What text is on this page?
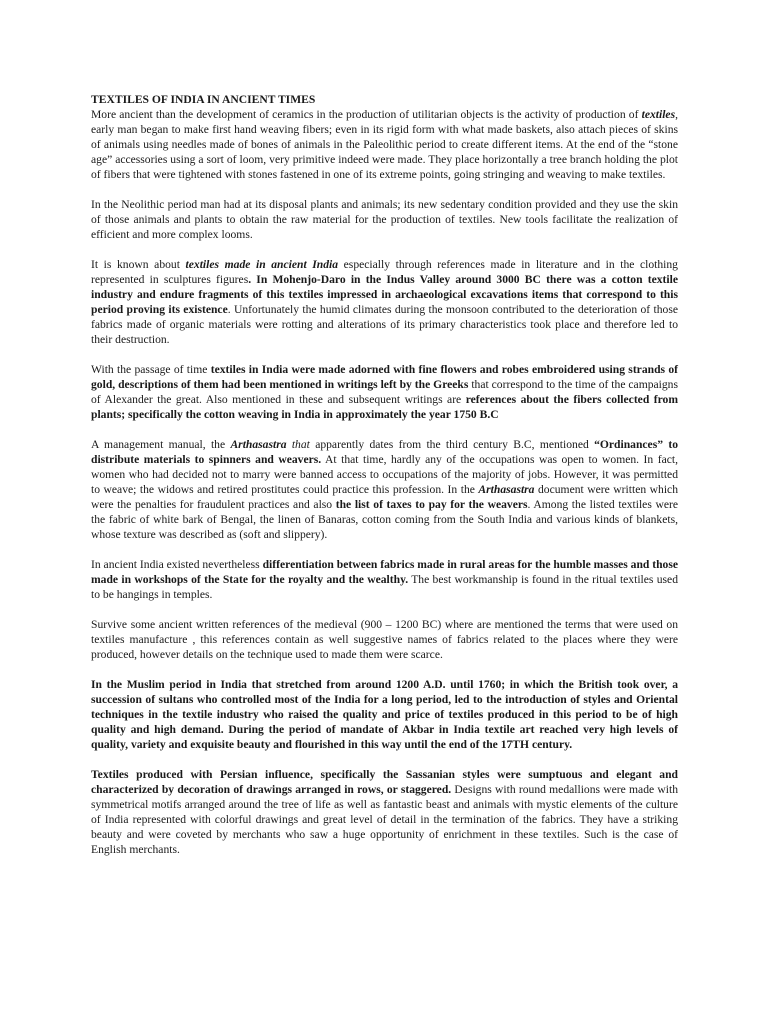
TEXTILES OF INDIA IN ANCIENT TIMES

More ancient than the development of ceramics in the production of utilitarian objects is the activity of production of textiles, early man began to make first hand weaving fibers; even in its rigid form with what made baskets, also attach pieces of skins of animals using needles made of bones of animals in the Paleolithic period to create different items. At the end of the “stone age” accessories using a sort of loom, very primitive indeed were made. They place horizontally a tree branch holding the plot of fibers that were tightened with stones fastened in one of its extreme points, going stringing and weaving to make textiles.

In the Neolithic period man had at its disposal plants and animals; its new sedentary condition provided and they use the skin of those animals and plants to obtain the raw material for the production of textiles. New tools facilitate the realization of efficient and more complex looms.

It is known about textiles made in ancient India especially through references made in literature and in the clothing represented in sculptures figures. In Mohenjo-Daro in the Indus Valley around 3000 BC there was a cotton textile industry and endure fragments of this textiles impressed in archaeological excavations items that correspond to this period proving its existence. Unfortunately the humid climates during the monsoon contributed to the deterioration of those fabrics made of organic materials were rotting and alterations of its primary characteristics took place and therefore led to their destruction.

With the passage of time textiles in India were made adorned with fine flowers and robes embroidered using strands of gold, descriptions of them had been mentioned in writings left by the Greeks that correspond to the time of the campaigns of Alexander the great. Also mentioned in these and subsequent writings are references about the fibers collected from plants; specifically the cotton weaving in India in approximately the year 1750 B.C

A management manual, the Arthasastra that apparently dates from the third century B.C, mentioned “Ordinances” to distribute materials to spinners and weavers. At that time, hardly any of the occupations was open to women. In fact, women who had decided not to marry were banned access to occupations of the majority of jobs. However, it was permitted to weave; the widows and retired prostitutes could practice this profession. In the Arthasastra document were written which were the penalties for fraudulent practices and also the list of taxes to pay for the weavers. Among the listed textiles were the fabric of white bark of Bengal, the linen of Banaras, cotton coming from the South India and various kinds of blankets, whose texture was described as (soft and slippery).

In ancient India existed nevertheless differentiation between fabrics made in rural areas for the humble masses and those made in workshops of the State for the royalty and the wealthy. The best workmanship is found in the ritual textiles used to be hangings in temples.

Survive some ancient written references of the medieval (900 – 1200 BC) where are mentioned the terms that were used on textiles manufacture , this references contain as well suggestive names of fabrics related to the places where they were produced, however details on the technique used to made them were scarce.

In the Muslim period in India that stretched from around 1200 A.D. until 1760; in which the British took over, a succession of sultans who controlled most of the India for a long period, led to the introduction of styles and Oriental techniques in the textile industry who raised the quality and price of textiles produced in this period to be of high quality and high demand. During the period of mandate of Akbar in India textile art reached very high levels of quality, variety and exquisite beauty and flourished in this way until the end of the 17TH century.

Textiles produced with Persian influence, specifically the Sassanian styles were sumptuous and elegant and characterized by decoration of drawings arranged in rows, or staggered. Designs with round medallions were made with symmetrical motifs arranged around the tree of life as well as fantastic beast and animals with mystic elements of the culture of India represented with colorful drawings and great level of detail in the termination of the fabrics. They have a striking beauty and were coveted by merchants who saw a huge opportunity of enrichment in these textiles. Such is the case of English merchants.
